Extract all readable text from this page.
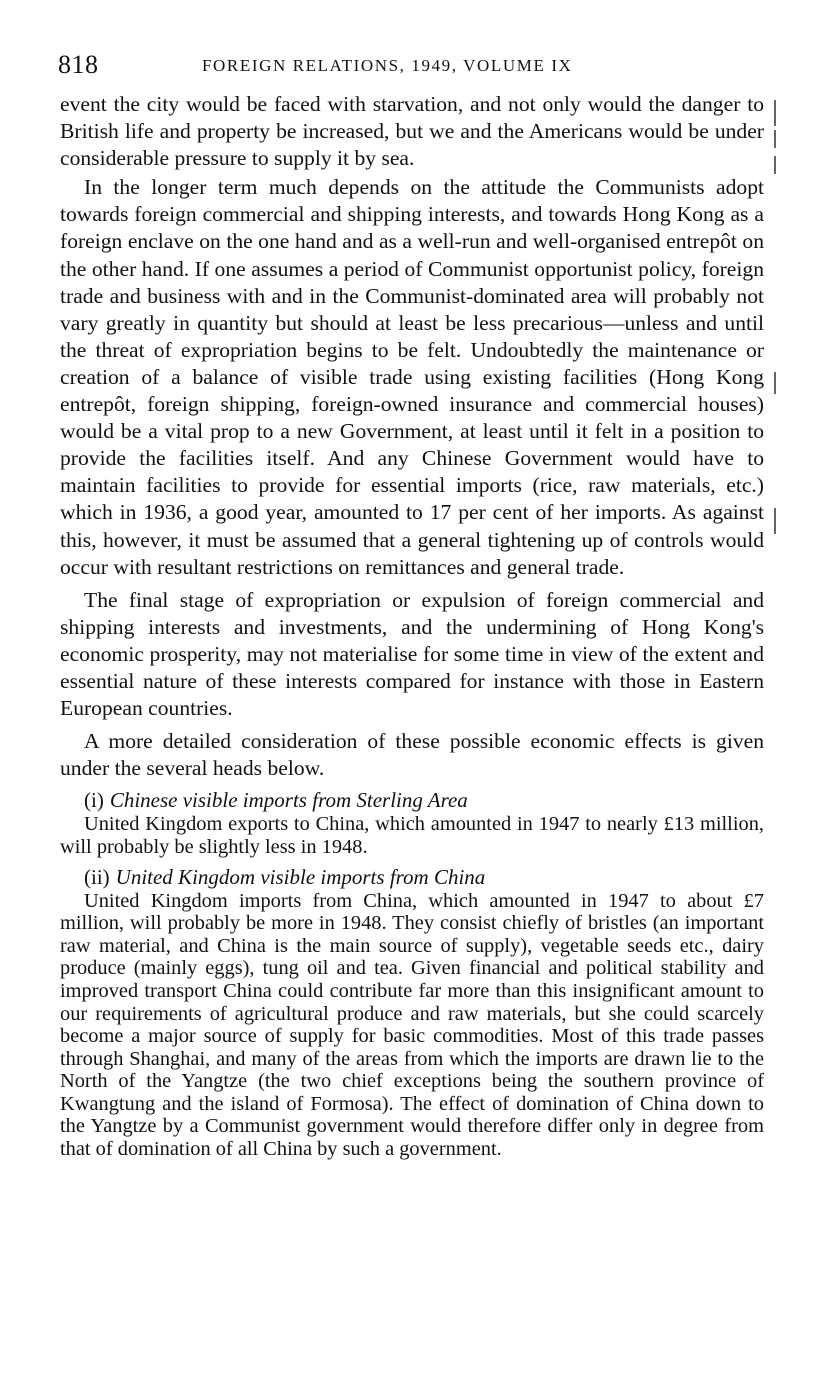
818	FOREIGN RELATIONS, 1949, VOLUME IX

event the city would be faced with starvation, and not only would the danger to British life and property be increased, but we and the Americans would be under considerable pressure to supply it by sea.

In the longer term much depends on the attitude the Communists adopt towards foreign commercial and shipping interests, and towards Hong Kong as a foreign enclave on the one hand and as a well-run and well-organised entrepôt on the other hand. If one assumes a period of Communist opportunist policy, foreign trade and business with and in the Communist-dominated area will probably not vary greatly in quantity but should at least be less precarious—unless and until the threat of expropriation begins to be felt. Undoubtedly the maintenance or creation of a balance of visible trade using existing facilities (Hong Kong entrepôt, foreign shipping, foreign-owned insurance and commercial houses) would be a vital prop to a new Government, at least until it felt in a position to provide the facilities itself. And any Chinese Government would have to maintain facilities to provide for essential imports (rice, raw materials, etc.) which in 1936, a good year, amounted to 17 per cent of her imports. As against this, however, it must be assumed that a general tightening up of controls would occur with resultant restrictions on remittances and general trade.

The final stage of expropriation or expulsion of foreign commercial and shipping interests and investments, and the undermining of Hong Kong's economic prosperity, may not materialise for some time in view of the extent and essential nature of these interests compared for instance with those in Eastern European countries.

A more detailed consideration of these possible economic effects is given under the several heads below.

(i) Chinese visible imports from Sterling Area

United Kingdom exports to China, which amounted in 1947 to nearly £13 million, will probably be slightly less in 1948.

(ii) United Kingdom visible imports from China

United Kingdom imports from China, which amounted in 1947 to about £7 million, will probably be more in 1948. They consist chiefly of bristles (an important raw material, and China is the main source of supply), vegetable seeds etc., dairy produce (mainly eggs), tung oil and tea. Given financial and political stability and improved transport China could contribute far more than this insignificant amount to our requirements of agricultural produce and raw materials, but she could scarcely become a major source of supply for basic commodities. Most of this trade passes through Shanghai, and many of the areas from which the imports are drawn lie to the North of the Yangtze (the two chief exceptions being the southern province of Kwangtung and the island of Formosa). The effect of domination of China down to the Yangtze by a Communist government would therefore differ only in degree from that of domination of all China by such a government.
